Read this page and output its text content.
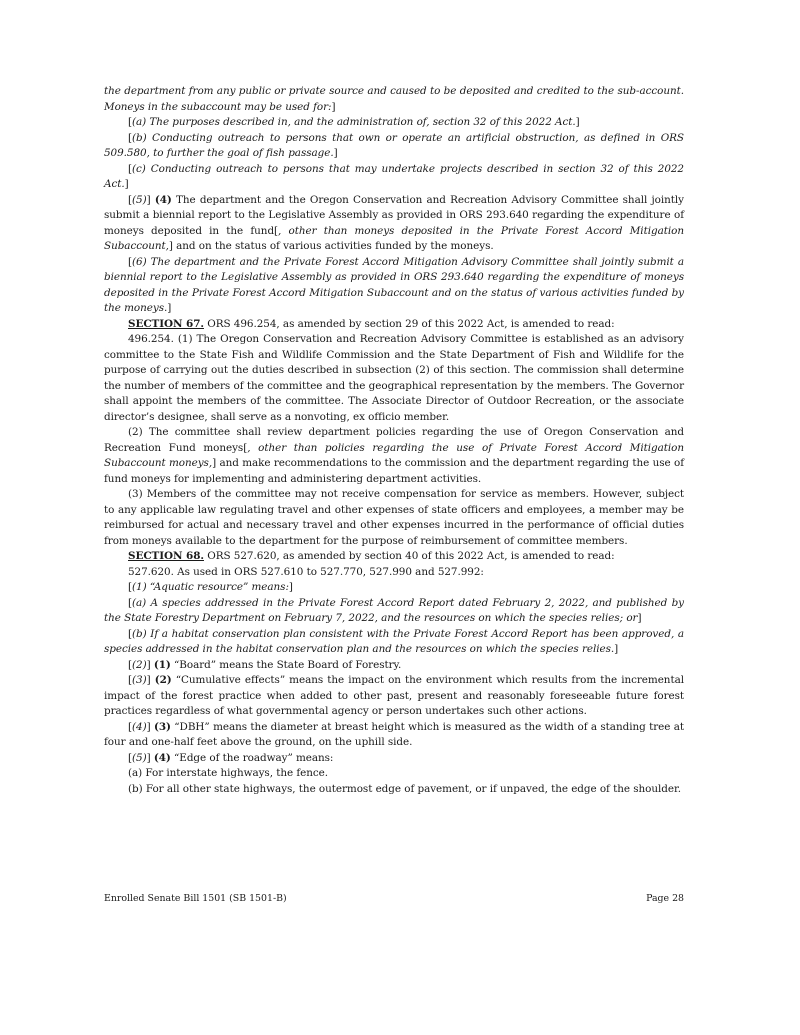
the department from any public or private source and caused to be deposited and credited to the sub-account. Moneys in the subaccount may be used for:]

[(a) The purposes described in, and the administration of, section 32 of this 2022 Act.]

[(b) Conducting outreach to persons that own or operate an artificial obstruction, as defined in ORS 509.580, to further the goal of fish passage.]

[(c) Conducting outreach to persons that may undertake projects described in section 32 of this 2022 Act.]

[(5)] (4) The department and the Oregon Conservation and Recreation Advisory Committee shall jointly submit a biennial report to the Legislative Assembly as provided in ORS 293.640 regarding the expenditure of moneys deposited in the fund[, other than moneys deposited in the Private Forest Accord Mitigation Subaccount,] and on the status of various activities funded by the moneys.

[(6) The department and the Private Forest Accord Mitigation Advisory Committee shall jointly submit a biennial report to the Legislative Assembly as provided in ORS 293.640 regarding the expenditure of moneys deposited in the Private Forest Accord Mitigation Subaccount and on the status of various activities funded by the moneys.]

SECTION 67. ORS 496.254, as amended by section 29 of this 2022 Act, is amended to read:

496.254. (1) The Oregon Conservation and Recreation Advisory Committee is established as an advisory committee to the State Fish and Wildlife Commission and the State Department of Fish and Wildlife for the purpose of carrying out the duties described in subsection (2) of this section. The commission shall determine the number of members of the committee and the geographical representation by the members. The Governor shall appoint the members of the committee. The Associate Director of Outdoor Recreation, or the associate director’s designee, shall serve as a nonvoting, ex officio member.

(2) The committee shall review department policies regarding the use of Oregon Conservation and Recreation Fund moneys[, other than policies regarding the use of Private Forest Accord Mitigation Subaccount moneys,] and make recommendations to the commission and the department regarding the use of fund moneys for implementing and administering department activities.

(3) Members of the committee may not receive compensation for service as members. However, subject to any applicable law regulating travel and other expenses of state officers and employees, a member may be reimbursed for actual and necessary travel and other expenses incurred in the performance of official duties from moneys available to the department for the purpose of reimbursement of committee members.

SECTION 68. ORS 527.620, as amended by section 40 of this 2022 Act, is amended to read:

527.620. As used in ORS 527.610 to 527.770, 527.990 and 527.992:

[(1) “Aquatic resource” means:]

[(a) A species addressed in the Private Forest Accord Report dated February 2, 2022, and published by the State Forestry Department on February 7, 2022, and the resources on which the species relies; or]

[(b) If a habitat conservation plan consistent with the Private Forest Accord Report has been approved, a species addressed in the habitat conservation plan and the resources on which the species relies.]

[(2)] (1) “Board” means the State Board of Forestry.

[(3)] (2) “Cumulative effects” means the impact on the environment which results from the incremental impact of the forest practice when added to other past, present and reasonably foreseeable future forest practices regardless of what governmental agency or person undertakes such other actions.

[(4)] (3) “DBH” means the diameter at breast height which is measured as the width of a standing tree at four and one-half feet above the ground, on the uphill side.

[(5)] (4) “Edge of the roadway” means:

(a) For interstate highways, the fence.

(b) For all other state highways, the outermost edge of pavement, or if unpaved, the edge of the shoulder.

Enrolled Senate Bill 1501 (SB 1501-B)	Page 28
